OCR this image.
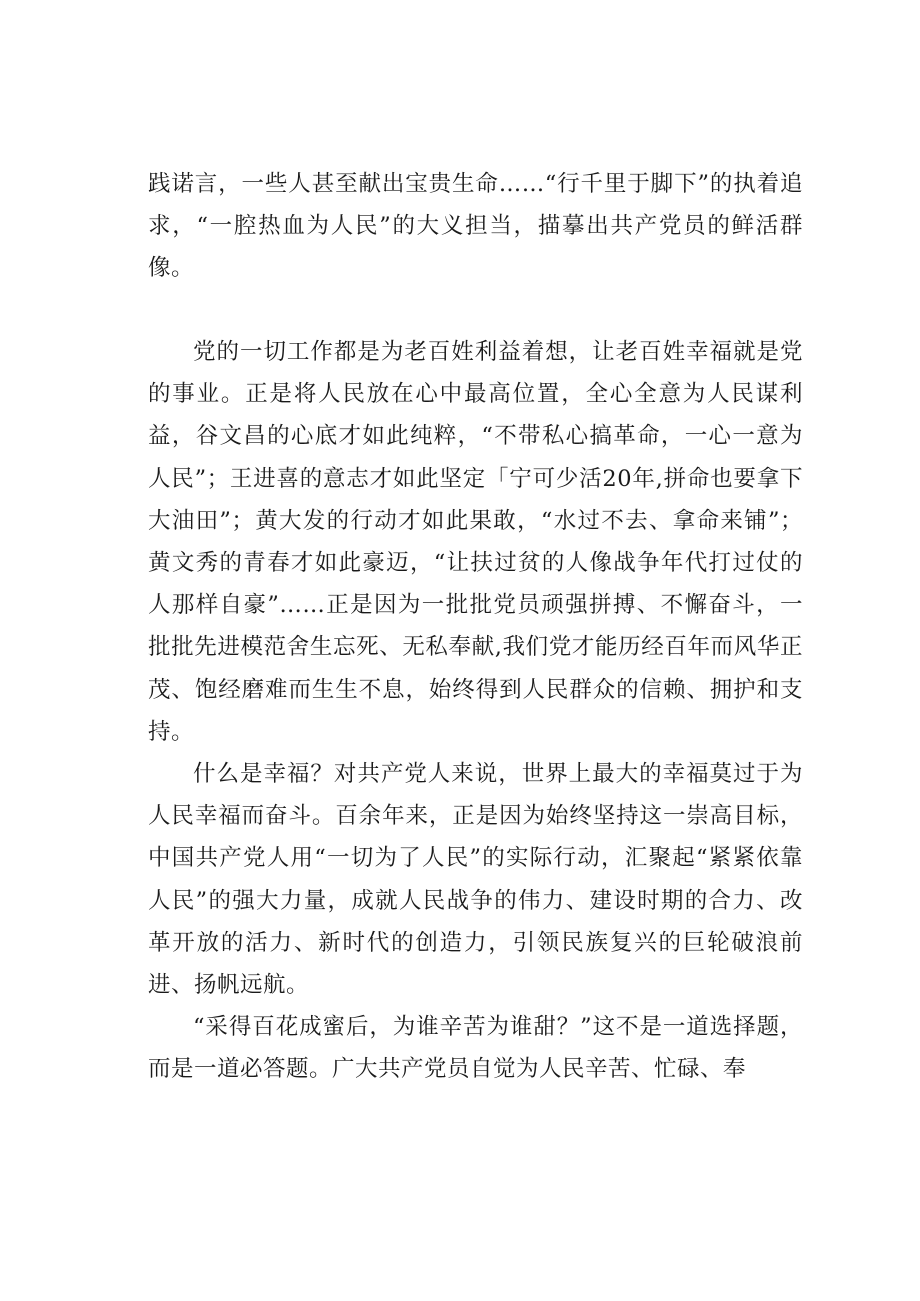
践诺言，一些人甚至献出宝贵生命……“行千里于脚下”的执着追求，“一腔热血为人民”的大义担当，描摹出共产党员的鲜活群像。

党的一切工作都是为老百姓利益着想，让老百姓幸福就是党的事业。正是将人民放在心中最高位置，全心全意为人民谋利益，谷文昌的心底才如此纯粹，“不带私心搞革命，一心一意为人民”；王进喜的意志才如此坚定「宁可少活20年,拼命也要拿下大油田”；黄大发的行动才如此果敢，“水过不去、拿命来铺”；黄文秀的青春才如此豪迈，“让扶过贫的人像战争年代打过仗的人那样自豪”……正是因为一批批党员顽强拼搏、不懈奋斗，一批批先进模范舍生忘死、无私奉献,我们党才能历经百年而风华正茂、饱经磨难而生生不息，始终得到人民群众的信赖、拥护和支持。

什么是幸福？对共产党人来说，世界上最大的幸福莫过于为人民幸福而奋斗。百余年来，正是因为始终坚持这一崇高目标，中国共产党人用“一切为了人民”的实际行动，汇聚起“紧紧依靠人民”的强大力量，成就人民战争的伟力、建设时期的合力、改革开放的活力、新时代的创造力，引领民族复兴的巨轮破浪前进、扬帆远航。

“采得百花成蜜后，为谁辛苦为谁甜？”这不是一道选择题，而是一道必答题。广大共产党员自觉为人民辛苦、忙碌、奉
